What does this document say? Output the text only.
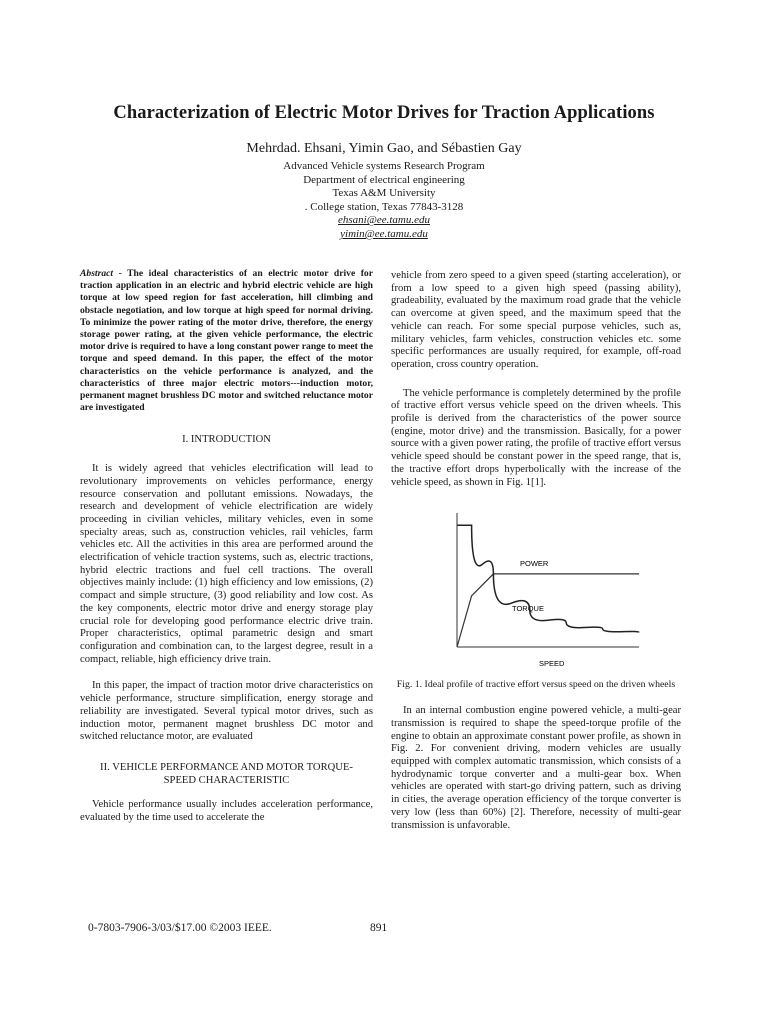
Characterization of Electric Motor Drives for Traction Applications
Mehrdad. Ehsani, Yimin Gao, and Sébastien Gay
Advanced Vehicle systems Research Program
Department of electrical engineering
Texas A&M University
. College station, Texas 77843-3128
ehsani@ee.tamu.edu
yimin@ee.tamu.edu

Abstract - The ideal characteristics of an electric motor drive for traction application in an electric and hybrid electric vehicle are high torque at low speed region for fast acceleration, hill climbing and obstacle negotiation, and low torque at high speed for normal driving. To minimize the power rating of the motor drive, therefore, the energy storage power rating, at the given vehicle performance, the electric motor drive is required to have a long constant power range to meet the torque and speed demand. In this paper, the effect of the motor characteristics on the vehicle performance is analyzed, and the characteristics of three major electric motors---induction motor, permanent magnet brushless DC motor and switched reluctance motor are investigated

I. INTRODUCTION

It is widely agreed that vehicles electrification will lead to revolutionary improvements on vehicles performance, energy resource conservation and pollutant emissions. Nowadays, the research and development of vehicle electrification are widely proceeding in civilian vehicles, military vehicles, even in some specialty areas, such as, construction vehicles, rail vehicles, farm vehicles etc. All the activities in this area are performed around the electrification of vehicle traction systems, such as, electric tractions, hybrid electric tractions and fuel cell tractions. The overall objectives mainly include: (1) high efficiency and low emissions, (2) compact and simple structure, (3) good reliability and low cost. As the key components, electric motor drive and energy storage play crucial role for developing good performance electric drive train. Proper characteristics, optimal parametric design and smart configuration and combination can, to the largest degree, result in a compact, reliable, high efficiency drive train.

In this paper, the impact of traction motor drive characteristics on vehicle performance, structure simplification, energy storage and reliability are investigated. Several typical motor drives, such as induction motor, permanent magnet brushless DC motor and switched reluctance motor, are evaluated

II. VEHICLE PERFORMANCE AND MOTOR TORQUE-SPEED CHARACTERISTIC

Vehicle performance usually includes acceleration performance, evaluated by the time used to accelerate the

vehicle from zero speed to a given speed (starting acceleration), or from a low speed to a given high speed (passing ability), gradeability, evaluated by the maximum road grade that the vehicle can overcome at given speed, and the maximum speed that the vehicle can reach. For some special purpose vehicles, such as, military vehicles, farm vehicles, construction vehicles etc. some specific performances are usually required, for example, off-road operation, cross country operation.

The vehicle performance is completely determined by the profile of tractive effort versus vehicle speed on the driven wheels. This profile is derived from the characteristics of the power source (engine, motor drive) and the transmission. Basically, for a power source with a given power rating, the profile of tractive effort versus vehicle speed should be constant power in the speed range, that is, the tractive effort drops hyperbolically with the increase of the vehicle speed, as shown in Fig. 1[1].

POWER
TORQUE
SPEED

Fig. 1. Ideal profile of tractive effort versus speed on the driven wheels

In an internal combustion engine powered vehicle, a multi-gear transmission is required to shape the speed-torque profile of the engine to obtain an approximate constant power profile, as shown in Fig. 2. For convenient driving, modern vehicles are usually equipped with complex automatic transmission, which consists of a hydrodynamic torque converter and a multi-gear box. When vehicles are operated with start-go driving pattern, such as driving in cities, the average operation efficiency of the torque converter is very low (less than 60%) [2]. Therefore, necessity of multi-gear transmission is unfavorable.

0-7803-7906-3/03/$17.00 ©2003 IEEE.	891
